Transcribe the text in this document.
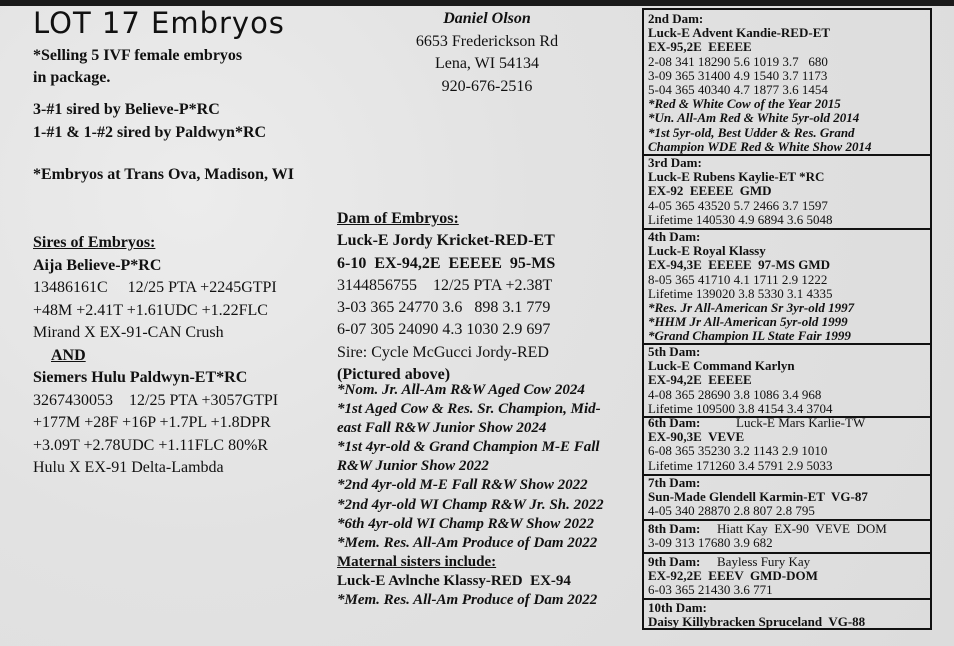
LOT 17 Embryos
*Selling 5 IVF female embryos
in package.
3-#1 sired by Believe-P*RC
1-#1 & 1-#2 sired by Paldwyn*RC
*Embryos at Trans Ova, Madison, WI
Daniel Olson
6653 Frederickson Rd
Lena, WI 54134
920-676-2516
Sires of Embryos:
Aija Believe-P*RC
13486161C     12/25 PTA +2245GTPI
+48M +2.41T +1.61UDC +1.22FLC
Mirand X EX-91-CAN Crush
AND
Siemers Hulu Paldwyn-ET*RC
3267430053    12/25 PTA +3057GTPI
+177M +28F +16P +1.7PL +1.8DPR
+3.09T +2.78UDC +1.11FLC 80%R
Hulu X EX-91 Delta-Lambda
Dam of Embryos:
Luck-E Jordy Kricket-RED-ET
6-10  EX-94,2E  EEEEE  95-MS
3144856755    12/25 PTA +2.38T
3-03 365 24770 3.6   898 3.1 779
6-07 305 24090 4.3 1030 2.9 697
Sire: Cycle McGucci Jordy-RED
(Pictured above)
*Nom. Jr. All-Am R&W Aged Cow 2024
*1st Aged Cow & Res. Sr. Champion, Mid-
east Fall R&W Junior Show 2024
*1st 4yr-old & Grand Champion M-E Fall
R&W Junior Show 2022
*2nd 4yr-old M-E Fall R&W Show 2022
*2nd 4yr-old WI Champ R&W Jr. Sh. 2022
*6th 4yr-old WI Champ R&W Show 2022
*Mem. Res. All-Am Produce of Dam 2022
Maternal sisters include:
Luck-E Avlnche Klassy-RED  EX-94
*Mem. Res. All-Am Produce of Dam 2022
2nd Dam:
Luck-E Advent Kandie-RED-ET
EX-95,2E  EEEEE
2-08 341 18290 5.6 1019 3.7   680
3-09 365 31400 4.9 1540 3.7 1173
5-04 365 40340 4.7 1877 3.6 1454
*Red & White Cow of the Year 2015
*Un. All-Am Red & White 5yr-old 2014
*1st 5yr-old, Best Udder & Res. Grand
Champion WDE Red & White Show 2014
3rd Dam:
Luck-E Rubens Kaylie-ET *RC
EX-92  EEEEE  GMD
4-05 365 43520 5.7 2466 3.7 1597
Lifetime 140530 4.9 6894 3.6 5048
4th Dam:
Luck-E Royal Klassy
EX-94,3E  EEEEE  97-MS GMD
8-05 365 41710 4.1 1711 2.9 1222
Lifetime 139020 3.8 5330 3.1 4335
*Res. Jr All-American Sr 3yr-old 1997
*HHM Jr All-American 5yr-old 1999
*Grand Champion IL State Fair 1999
5th Dam:
Luck-E Command Karlyn
EX-94,2E  EEEEE
4-08 365 28690 3.8 1086 3.4 968
Lifetime 109500 3.8 4154 3.4 3704
6th Dam:
EX-90,3E  VEVE
6-08 365 35230 3.2 1143 2.9 1010
Lifetime 171260 3.4 5791 2.9 5033
Luck-E Mars Karlie-TW
7th Dam:
Sun-Made Glendell Karmin-ET  VG-87
4-05 340 28870 2.8 807 2.8 795
8th Dam:
3-09 313 17680 3.9 682
Hiatt Kay  EX-90  VEVE  DOM
9th Dam:
EX-92,2E  EEEV  GMD-DOM
6-03 365 21430 3.6 771
Bayless Fury Kay
10th Dam:
Daisy Killybracken Spruceland  VG-88
